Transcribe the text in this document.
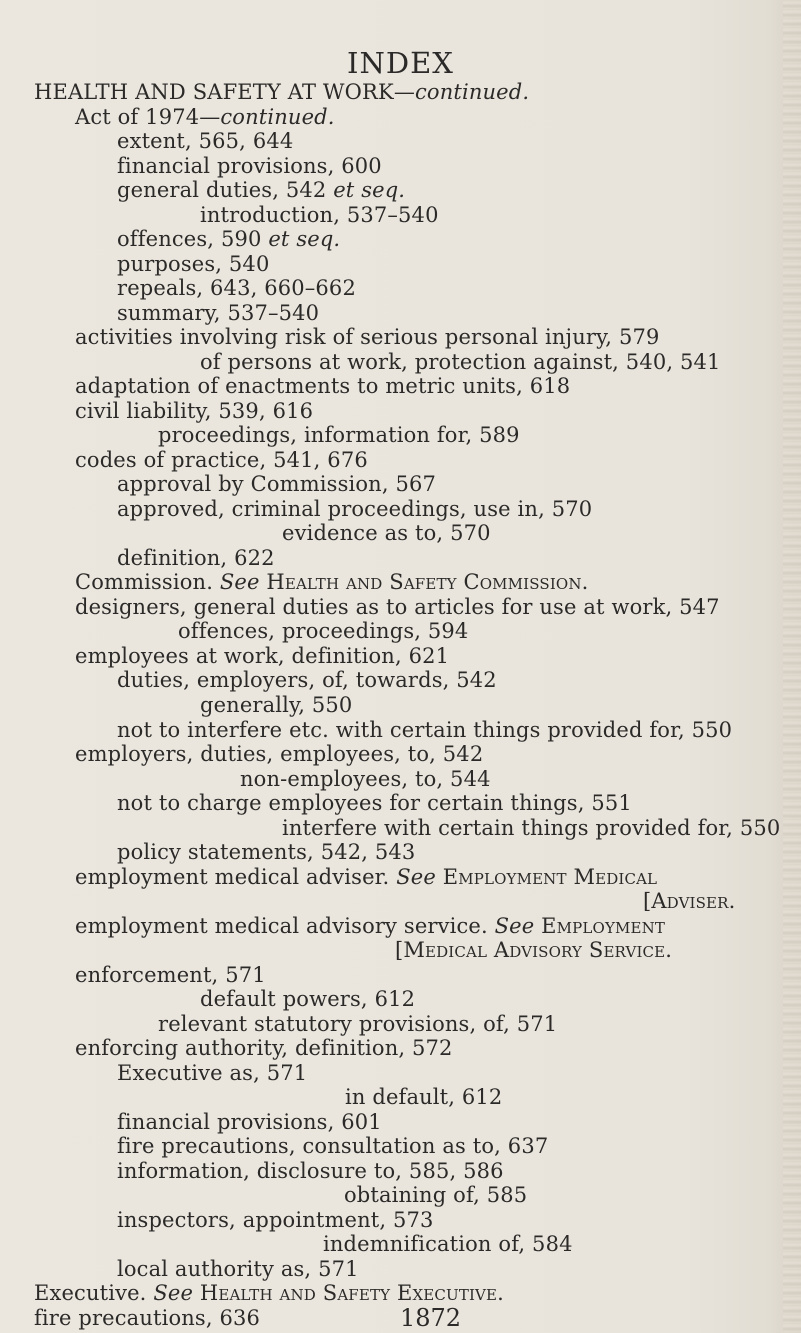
INDEX
HEALTH AND SAFETY AT WORK—continued.
Act of 1974—continued.
extent, 565, 644
financial provisions, 600
general duties, 542 et seq.
introduction, 537–540
offences, 590 et seq.
purposes, 540
repeals, 643, 660–662
summary, 537–540
activities involving risk of serious personal injury, 579
of persons at work, protection against, 540, 541
adaptation of enactments to metric units, 618
civil liability, 539, 616
proceedings, information for, 589
codes of practice, 541, 676
approval by Commission, 567
approved, criminal proceedings, use in, 570
evidence as to, 570
definition, 622
Commission. See Health and Safety Commission.
designers, general duties as to articles for use at work, 547
offences, proceedings, 594
employees at work, definition, 621
duties, employers, of, towards, 542
generally, 550
not to interfere etc. with certain things provided for, 550
employers, duties, employees, to, 542
non-employees, to, 544
not to charge employees for certain things, 551
interfere with certain things provided for, 550
policy statements, 542, 543
employment medical adviser. See Employment Medical
[Adviser.
employment medical advisory service. See Employment
[Medical Advisory Service.
enforcement, 571
default powers, 612
relevant statutory provisions, of, 571
enforcing authority, definition, 572
Executive as, 571
in default, 612
financial provisions, 601
fire precautions, consultation as to, 637
information, disclosure to, 585, 586
obtaining of, 585
inspectors, appointment, 573
indemnification of, 584
local authority as, 571
Executive. See Health and Safety Executive.
fire precautions, 636	1872
